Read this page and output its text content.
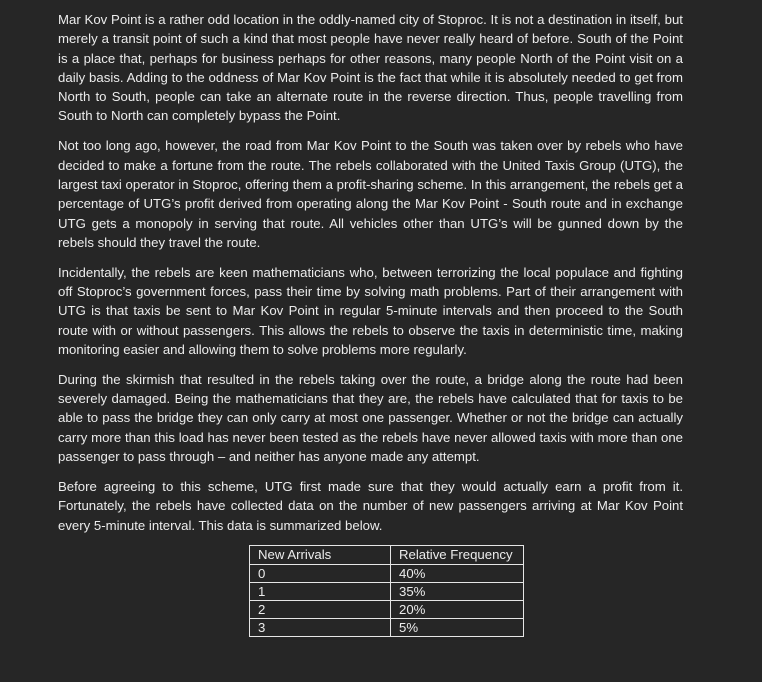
Mar Kov Point is a rather odd location in the oddly-named city of Stoproc. It is not a destination in itself, but merely a transit point of such a kind that most people have never really heard of before. South of the Point is a place that, perhaps for business perhaps for other reasons, many people North of the Point visit on a daily basis. Adding to the oddness of Mar Kov Point is the fact that while it is absolutely needed to get from North to South, people can take an alternate route in the reverse direction. Thus, people travelling from South to North can completely bypass the Point.

Not too long ago, however, the road from Mar Kov Point to the South was taken over by rebels who have decided to make a fortune from the route. The rebels collaborated with the United Taxis Group (UTG), the largest taxi operator in Stoproc, offering them a profit-sharing scheme. In this arrangement, the rebels get a percentage of UTG’s profit derived from operating along the Mar Kov Point - South route and in exchange UTG gets a monopoly in serving that route. All vehicles other than UTG’s will be gunned down by the rebels should they travel the route.

Incidentally, the rebels are keen mathematicians who, between terrorizing the local populace and fighting off Stoproc’s government forces, pass their time by solving math problems. Part of their arrangement with UTG is that taxis be sent to Mar Kov Point in regular 5-minute intervals and then proceed to the South route with or without passengers. This allows the rebels to observe the taxis in deterministic time, making monitoring easier and allowing them to solve problems more regularly.

During the skirmish that resulted in the rebels taking over the route, a bridge along the route had been severely damaged. Being the mathematicians that they are, the rebels have calculated that for taxis to be able to pass the bridge they can only carry at most one passenger. Whether or not the bridge can actually carry more than this load has never been tested as the rebels have never allowed taxis with more than one passenger to pass through – and neither has anyone made any attempt.

Before agreeing to this scheme, UTG first made sure that they would actually earn a profit from it. Fortunately, the rebels have collected data on the number of new passengers arriving at Mar Kov Point every 5-minute interval. This data is summarized below.

New Arrivals	Relative Frequency
0	40%
1	35%
2	20%
3	5%
